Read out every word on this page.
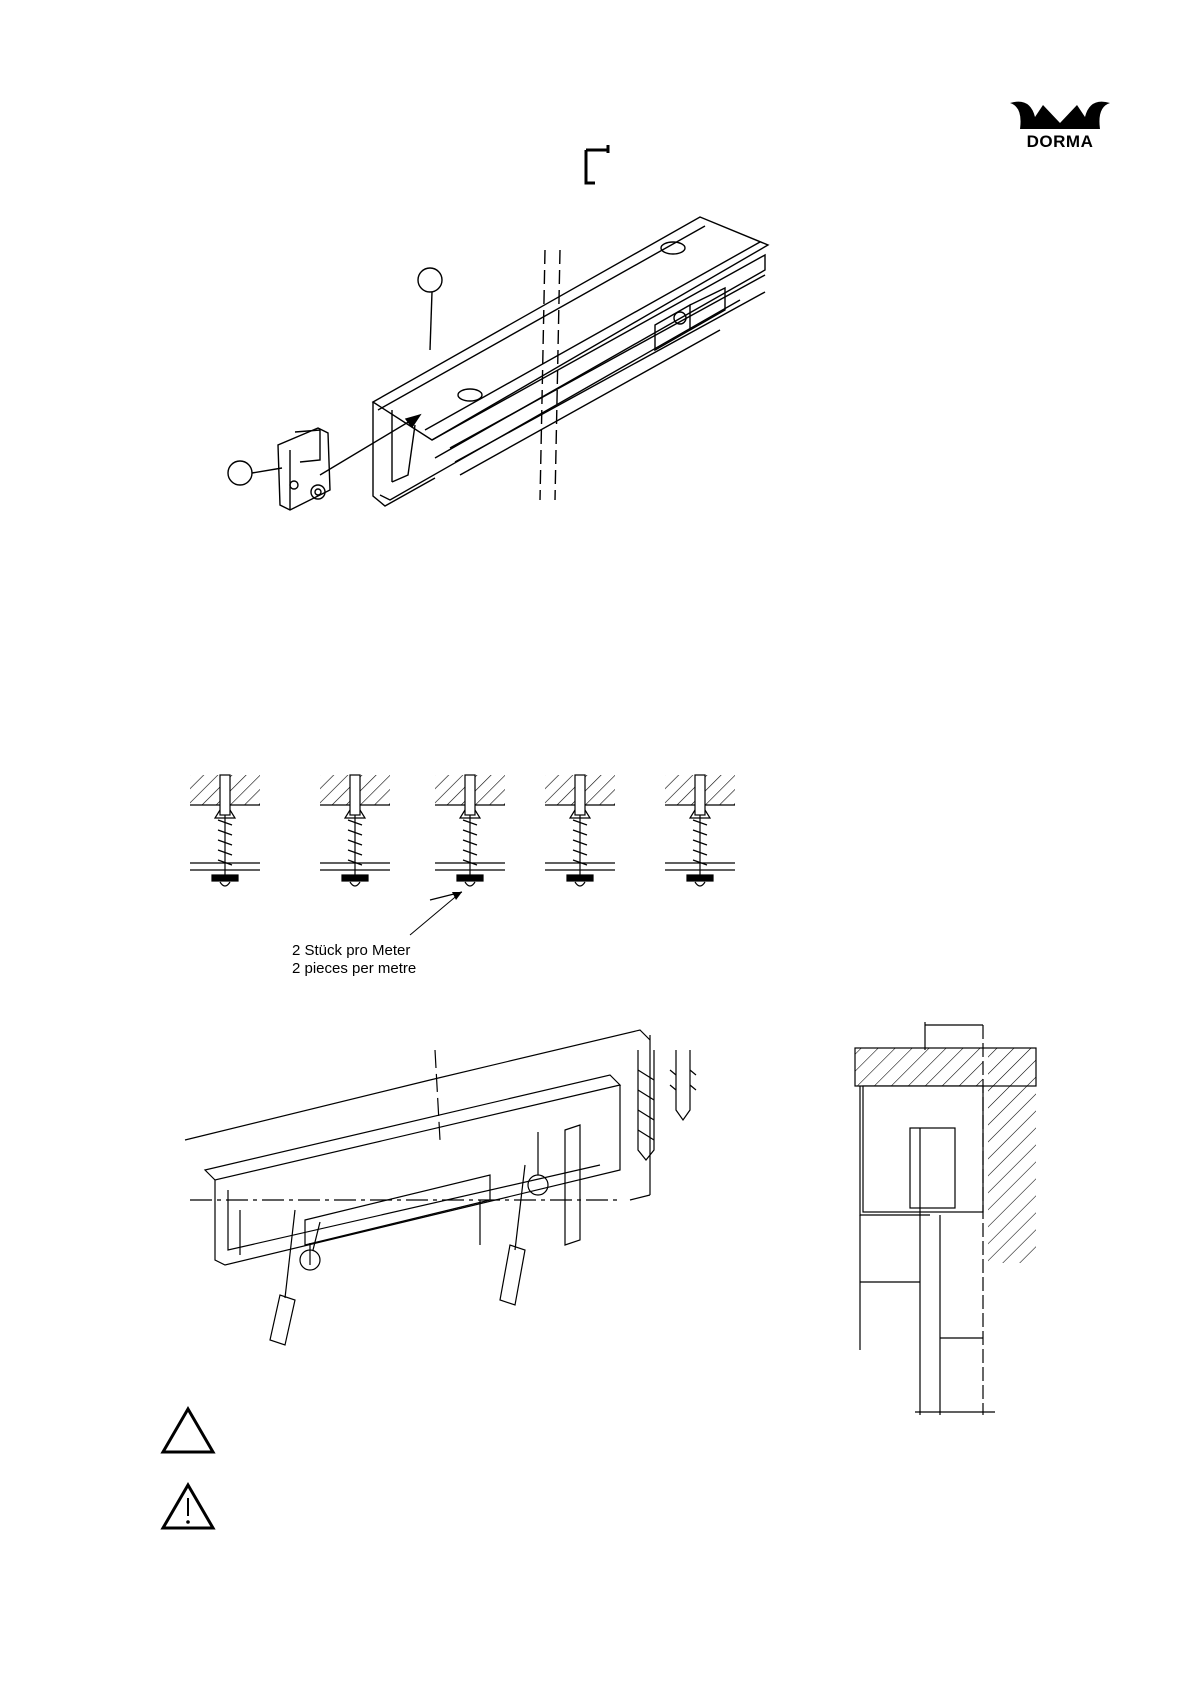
DORMA
2 Stück pro Meter
2 pieces per metre
